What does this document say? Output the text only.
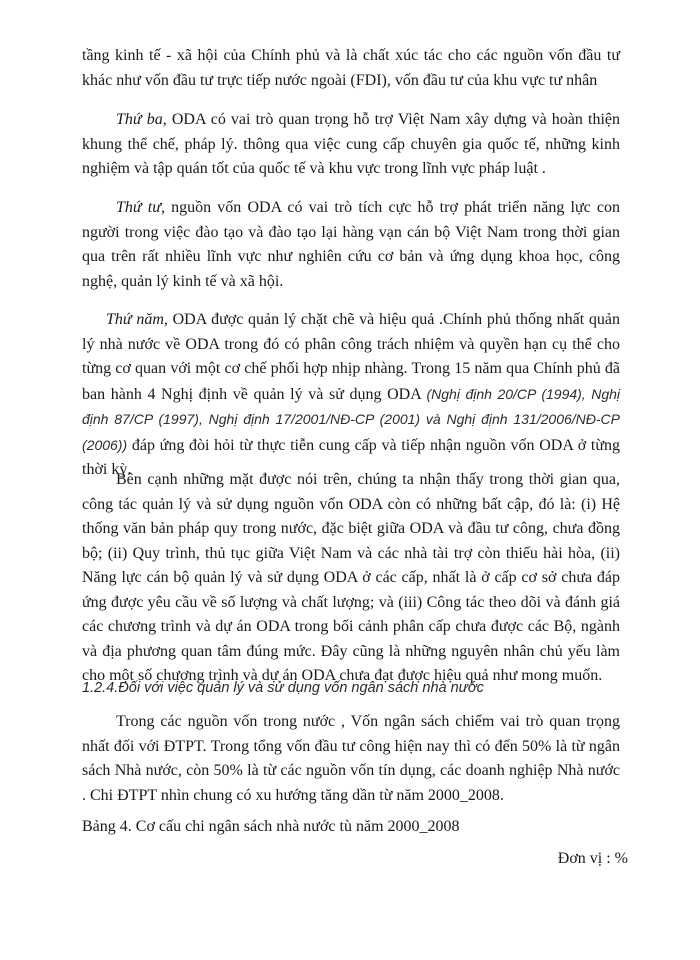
tầng kinh tế - xã hội của Chính phủ và là chất xúc tác cho các nguồn vốn đầu tư khác như vốn đầu tư trực tiếp nước ngoài (FDI), vốn đầu tư của khu vực tư nhân

Thứ ba, ODA có vai trò quan trọng hỗ trợ Việt Nam xây dựng và hoàn thiện khung thể chế, pháp lý. thông qua việc cung cấp chuyên gia quốc tế, những kinh nghiệm và tập quán tốt của quốc tế và khu vực trong lĩnh vực pháp luật .

Thứ tư, nguồn vốn ODA có vai trò tích cực hỗ trợ phát triển năng lực con người trong việc đào tạo và đào tạo lại hàng vạn cán bộ Việt Nam trong thời gian qua trên rất nhiều lĩnh vực như nghiên cứu cơ bản và ứng dụng khoa học, công nghệ, quản lý kinh tế và xã hội.

Thứ năm, ODA được quản lý chặt chẽ và hiệu quả .Chính phủ thống nhất quản lý nhà nước về ODA trong đó có phân công trách nhiệm và quyền hạn cụ thể cho từng cơ quan với một cơ chế phối hợp nhịp nhàng. Trong 15 năm qua Chính phủ đã ban hành 4 Nghị định về quản lý và sử dụng ODA (Nghị định 20/CP (1994), Nghị định 87/CP (1997), Nghị định 17/2001/NĐ-CP (2001) và Nghị định 131/2006/NĐ-CP (2006)) đáp ứng đòi hỏi từ thực tiễn cung cấp và tiếp nhận nguồn vốn ODA ở từng thời kỳ.

Bên cạnh những mặt được nói trên, chúng ta nhận thấy trong thời gian qua, công tác quản lý và sử dụng nguồn vốn ODA còn có những bất cập, đó là: (i) Hệ thống văn bản pháp quy trong nước, đặc biệt giữa ODA và đầu tư công, chưa đồng bộ; (ii) Quy trình, thủ tục giữa Việt Nam và các nhà tài trợ còn thiếu hài hòa, (ii) Năng lực cán bộ quản lý và sử dụng ODA ở các cấp, nhất là ở cấp cơ sở chưa đáp ứng được yêu cầu về số lượng và chất lượng; và (iii) Công tác theo dõi và đánh giá các chương trình và dự án ODA trong bối cảnh phân cấp chưa được các Bộ, ngành và địa phương quan tâm đúng mức. Đây cũng là những nguyên nhân chủ yếu làm cho một số chương trình và dự án ODA chưa đạt được hiệu quả như mong muốn.

1.2.4.Đối với việc quản lý và sử dụng vốn ngân sách nhà nước

Trong các nguồn vốn trong nước , Vốn ngân sách chiếm vai trò quan trọng nhất đối với ĐTPT. Trong tổng vốn đầu tư công hiện nay thì có đến 50% là từ ngân sách Nhà nước, còn 50% là từ các nguồn vốn tín dụng, các doanh nghiệp Nhà nước . Chi ĐTPT nhìn chung có xu hướng tăng dần từ năm 2000_2008.

Bảng 4. Cơ cấu chi ngân sách nhà nước tù năm 2000_2008

Đơn vị : %
